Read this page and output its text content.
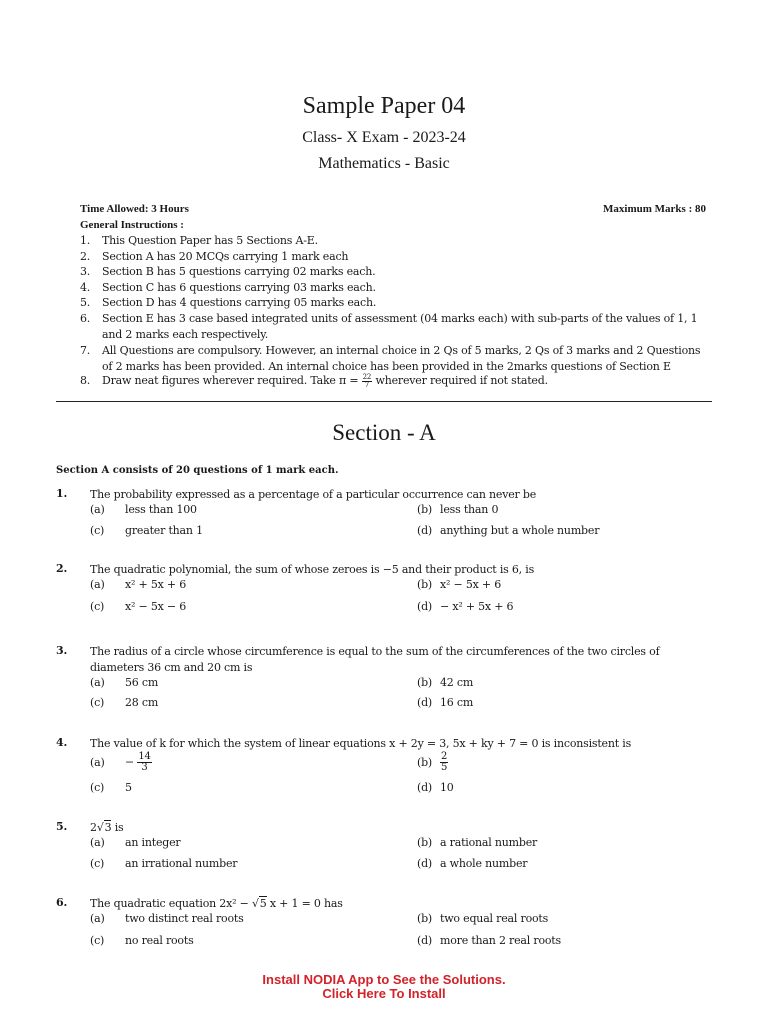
Sample Paper 04
Class- X Exam - 2023-24
Mathematics - Basic
Time Allowed: 3 Hours	Maximum Marks : 80
General Instructions :
1. This Question Paper has 5 Sections A-E.
2. Section A has 20 MCQs carrying 1 mark each
3. Section B has 5 questions carrying 02 marks each.
4. Section C has 6 questions carrying 03 marks each.
5. Section D has 4 questions carrying 05 marks each.
6. Section E has 3 case based integrated units of assessment (04 marks each) with sub-parts of the values of 1, 1 and 2 marks each respectively.
7. All Questions are compulsory. However, an internal choice in 2 Qs of 5 marks, 2 Qs of 3 marks and 2 Questions of 2 marks has been provided. An internal choice has been provided in the 2marks questions of Section E
8. Draw neat figures wherever required. Take $\pi = \frac{22}{7}$ wherever required if not stated.
Section - A
Section A consists of 20 questions of 1 mark each.
1. The probability expressed as a percentage of a particular occurrence can never be
(a) less than 100	(b) less than 0
(c) greater than 1	(d) anything but a whole number
2. The quadratic polynomial, the sum of whose zeroes is −5 and their product is 6, is
(a) x² + 5x + 6	(b) x² − 5x + 6
(c) x² − 5x − 6	(d) − x² + 5x + 6
3. The radius of a circle whose circumference is equal to the sum of the circumferences of the two circles of diameters 36 cm and 20 cm is
(a) 56 cm	(b) 42 cm
(c) 28 cm	(d) 16 cm
4. The value of k for which the system of linear equations x + 2y = 3, 5x + ky + 7 = 0 is inconsistent is
$(a) - \frac{14}{3}$	$(b) \frac{2}{5}$
(c) 5	(d) 10
5. 2√3 is
(a) an integer	(b) a rational number
(c) an irrational number	(d) a whole number
6. The quadratic equation 2x² − √5 x + 1 = 0 has
(a) two distinct real roots	(b) two equal real roots
(c) no real roots	(d) more than 2 real roots
Install NODIA App to See the Solutions.
Click Here To Install
